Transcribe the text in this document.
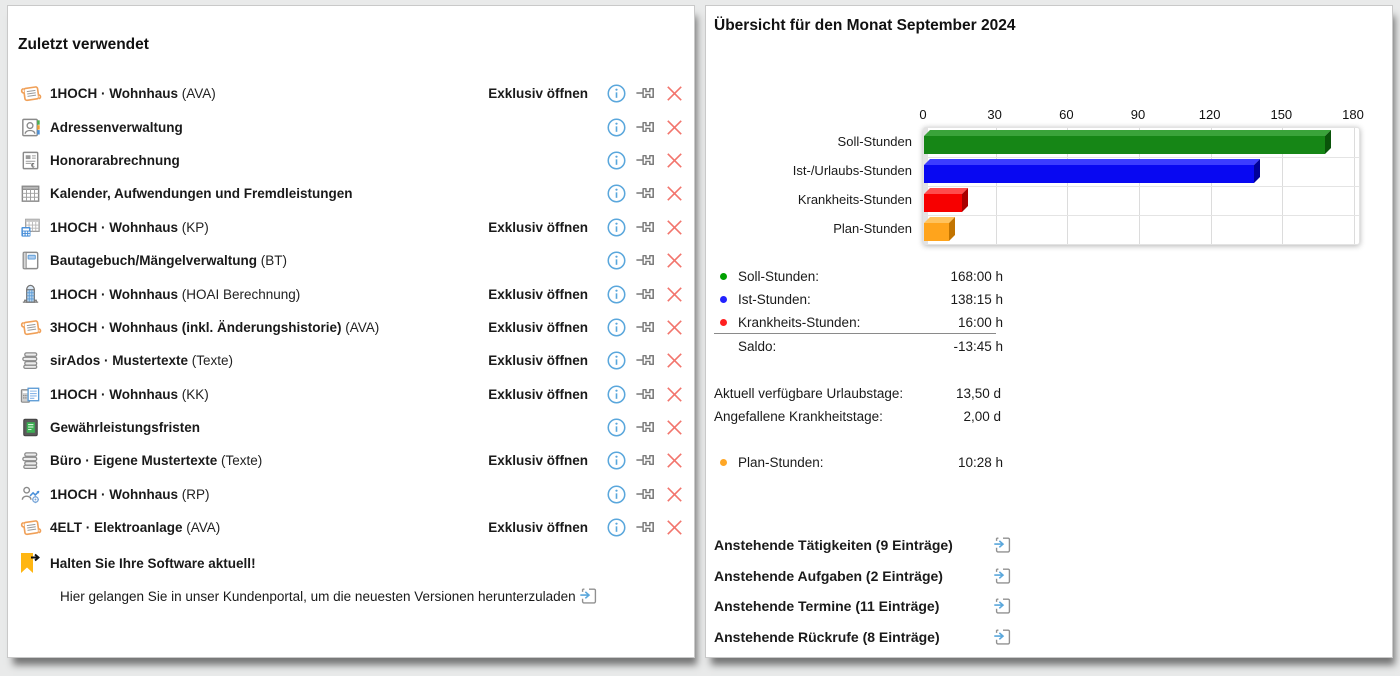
Zuletzt verwendet
1HOCH · Wohnhaus (AVA)	Exklusiv öffnen
Adressenverwaltung
€ Honorarabrechnung
Kalender, Aufwendungen und Fremdleistungen
1HOCH · Wohnhaus (KP)	Exklusiv öffnen
Bautagebuch/Mängelverwaltung (BT)
1HOCH · Wohnhaus (HOAI Berechnung)	Exklusiv öffnen
3HOCH · Wohnhaus (inkl. Änderungshistorie) (AVA)	Exklusiv öffnen
sirAdos · Mustertexte (Texte)	Exklusiv öffnen
1HOCH · Wohnhaus (KK)	Exklusiv öffnen
Gewährleistungsfristen
Büro · Eigene Mustertexte (Texte)	Exklusiv öffnen
1HOCH · Wohnhaus (RP)
4ELT · Elektroanlage (AVA)	Exklusiv öffnen
Halten Sie Ihre Software aktuell!
Hier gelangen Sie in unser Kundenportal, um die neuesten Versionen herunterzuladen
Übersicht für den Monat September 2024
0	30	60	90	120	150	180
Soll-Stunden
Ist-/Urlaubs-Stunden
Krankheits-Stunden
Plan-Stunden
Soll-Stunden:	168:00 h
Ist-Stunden:	138:15 h
Krankheits-Stunden:	16:00 h
Saldo:	-13:45 h
Aktuell verfügbare Urlaubstage:	13,50 d
Angefallene Krankheitstage:	2,00 d
Plan-Stunden:	10:28 h
Anstehende Tätigkeiten (9 Einträge)
Anstehende Aufgaben (2 Einträge)
Anstehende Termine (11 Einträge)
Anstehende Rückrufe (8 Einträge)
